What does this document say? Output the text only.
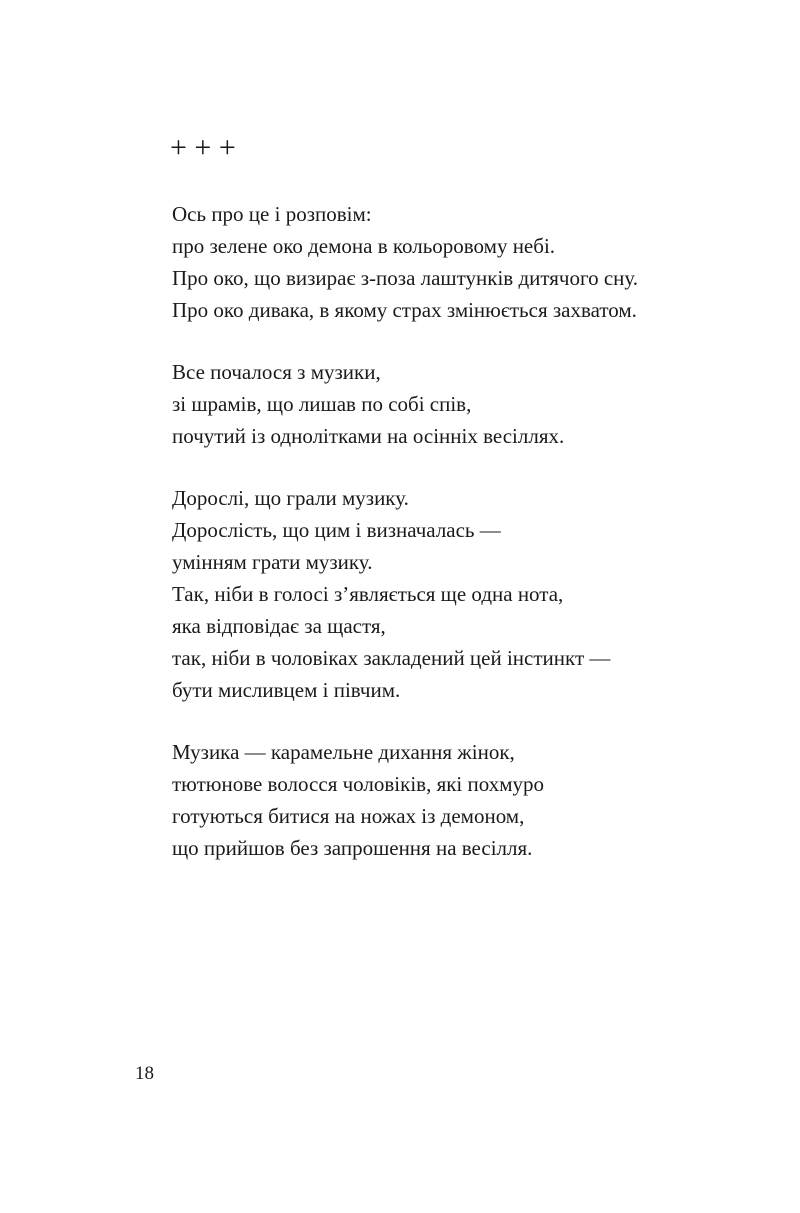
+ + +
Ось про це і розповім:
про зелене око демона в кольоровому небі.
Про око, що визирає з-поза лаштунків дитячого сну.
Про око дивака, в якому страх змінюється захватом.
Все почалося з музики,
зі шрамів, що лишав по собі спів,
почутий із однолітками на осінніх весіллях.
Дорослі, що грали музику.
Дорослість, що цим і визначалась —
умінням грати музику.
Так, ніби в голосі з’являється ще одна нота,
яка відповідає за щастя,
так, ніби в чоловіках закладений цей інстинкт —
бути мисливцем і півчим.
Музика — карамельне дихання жінок,
тютюнове волосся чоловіків, які похмуро
готуються битися на ножах із демоном,
що прийшов без запрошення на весілля.
18
